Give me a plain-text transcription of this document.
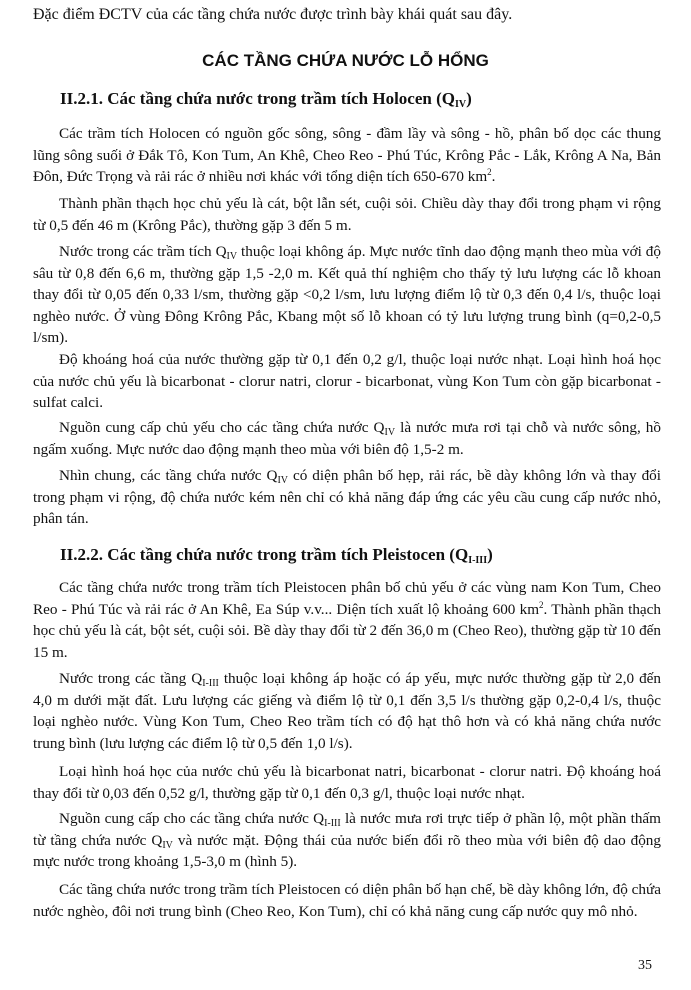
Đặc điểm ĐCTV của các tầng chứa nước được trình bày khái quát sau đây.
CÁC TẦNG CHỨA NƯỚC LỖ HỔNG
II.2.1. Các tầng chứa nước trong trầm tích Holocen $(Q_{IV})$
Các trầm tích Holocen có nguồn gốc sông, sông - đầm lầy và sông - hồ, phân bố dọc các thung lũng sông suối ở Đắk Tô, Kon Tum, An Khê, Cheo Reo - Phú Túc, Krông Pắc - Lắk, Krông A Na, Bản Đôn, Đức Trọng và rải rác ở nhiều nơi khác với tổng diện tích 650-670 $km^2$.
Thành phần thạch học chủ yếu là cát, bột lẫn sét, cuội sỏi. Chiều dày thay đổi trong phạm vi rộng từ 0,5 đến 46 m (Krông Pắc), thường gặp 3 đến 5 m.
Nước trong các trầm tích $Q_{IV}$ thuộc loại không áp. Mực nước tĩnh dao động mạnh theo mùa với độ sâu từ 0,8 đến 6,6 m, thường gặp 1,5 -2,0 m. Kết quả thí nghiệm cho thấy tỷ lưu lượng các lỗ khoan thay đổi từ 0,05 đến 0,33 l/sm, thường gặp <0,2 l/sm, lưu lượng điểm lộ từ 0,3 đến 0,4 l/s, thuộc loại nghèo nước. Ở vùng Đông Krông Pắc, Kbang một số lỗ khoan có tỷ lưu lượng trung bình (q=0,2-0,5 l/sm).
Độ khoáng hoá của nước thường gặp từ 0,1 đến 0,2 g/l, thuộc loại nước nhạt. Loại hình hoá học của nước chủ yếu là bicarbonat - clorur natri, clorur - bicarbonat, vùng Kon Tum còn gặp bicarbonat - sulfat calci.
Nguồn cung cấp chủ yếu cho các tầng chứa nước $Q_{IV}$ là nước mưa rơi tại chỗ và nước sông, hồ ngấm xuống. Mực nước dao động mạnh theo mùa với biên độ 1,5-2 m.
Nhìn chung, các tầng chứa nước $Q_{IV}$ có diện phân bố hẹp, rải rác, bề dày không lớn và thay đổi trong phạm vi rộng, độ chứa nước kém nên chỉ có khả năng đáp ứng các yêu cầu cung cấp nước nhỏ, phân tán.
II.2.2. Các tầng chứa nước trong trầm tích Pleistocen $(Q_{I-III})$
Các tầng chứa nước trong trầm tích Pleistocen phân bố chủ yếu ở các vùng nam Kon Tum, Cheo Reo - Phú Túc và rải rác ở An Khê, Ea Súp v.v... Diện tích xuất lộ khoảng 600 $km^2$. Thành phần thạch học chủ yếu là cát, bột sét, cuội sỏi. Bề dày thay đổi từ 2 đến 36,0 m (Cheo Reo), thường gặp từ 10 đến 15 m.
Nước trong các tầng $Q_{I-III}$ thuộc loại không áp hoặc có áp yếu, mực nước thường gặp từ 2,0 đến 4,0 m dưới mặt đất. Lưu lượng các giếng và điểm lộ từ 0,1 đến 3,5 l/s thường gặp 0,2-0,4 l/s, thuộc loại nghèo nước. Vùng Kon Tum, Cheo Reo trầm tích có độ hạt thô hơn và có khả năng chứa nước trung bình (lưu lượng các điểm lộ từ 0,5 đến 1,0 l/s).
Loại hình hoá học của nước chủ yếu là bicarbonat natri, bicarbonat - clorur natri. Độ khoáng hoá thay đổi từ 0,03 đến 0,52 g/l, thường gặp từ 0,1 đến 0,3 g/l, thuộc loại nước nhạt.
Nguồn cung cấp cho các tầng chứa nước $Q_{I-III}$ là nước mưa rơi trực tiếp ở phần lộ, một phần thấm từ tầng chứa nước $Q_{IV}$ và nước mặt. Động thái của nước biến đổi rõ theo mùa với biên độ dao động mực nước trong khoảng 1,5-3,0 m (hình 5).
Các tầng chứa nước trong trầm tích Pleistocen có diện phân bố hạn chế, bề dày không lớn, độ chứa nước nghèo, đôi nơi trung bình (Cheo Reo, Kon Tum), chỉ có khả năng cung cấp nước quy mô nhỏ.
35
